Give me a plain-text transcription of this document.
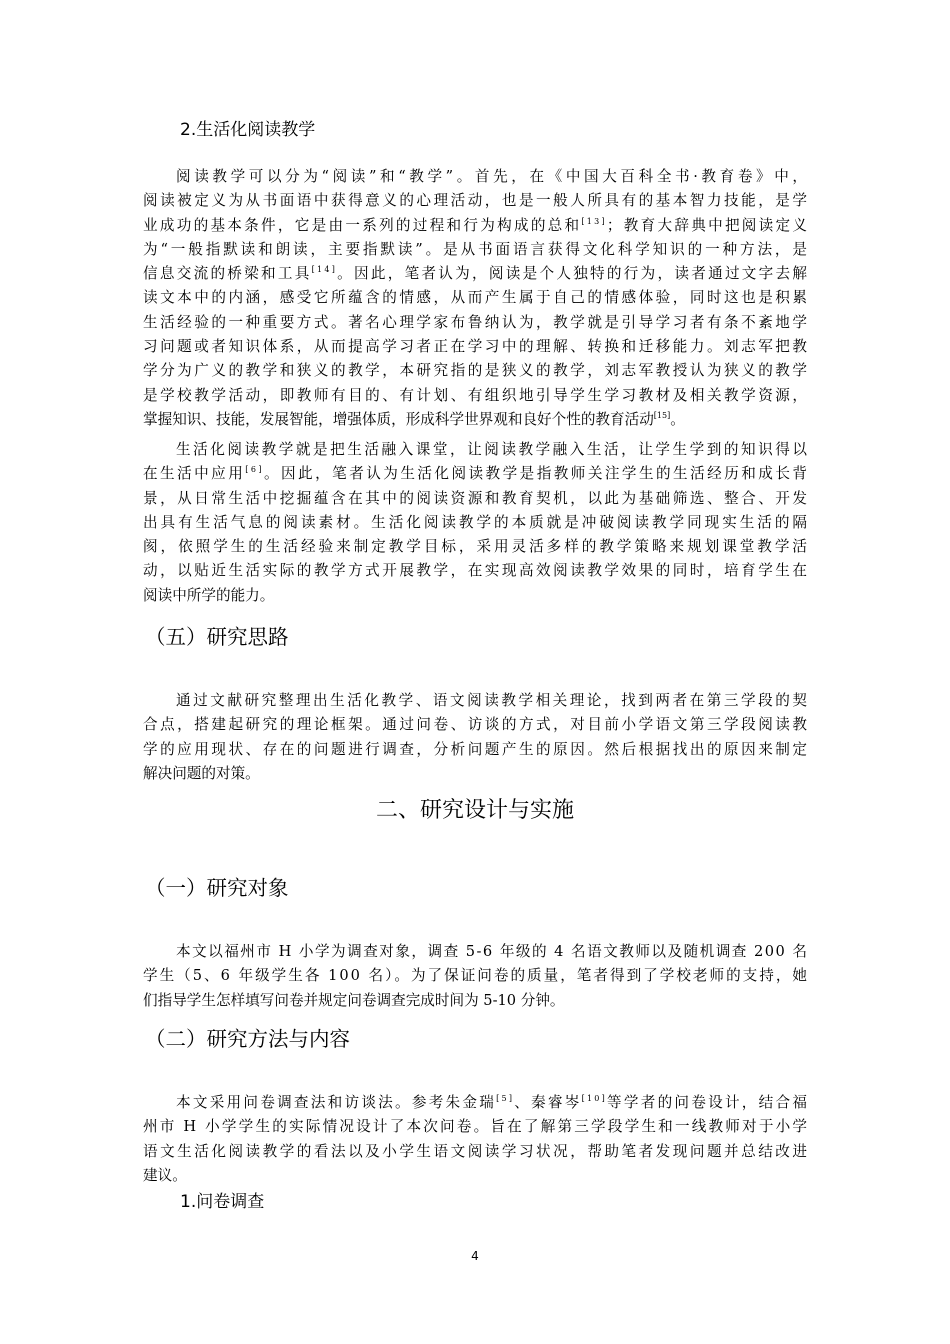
2.生活化阅读教学
阅读教学可以分为“阅读”和“教学”。首先，在《中国大百科全书·教育卷》中，
阅读被定义为从书面语中获得意义的心理活动，也是一般人所具有的基本智力技能，是学
业成功的基本条件，它是由一系列的过程和行为构成的总和[13]；教育大辞典中把阅读定义
为“一般指默读和朗读，主要指默读”。是从书面语言获得文化科学知识的一种方法，是
信息交流的桥梁和工具[14]。因此，笔者认为，阅读是个人独特的行为，读者通过文字去解
读文本中的内涵，感受它所蕴含的情感，从而产生属于自己的情感体验，同时这也是积累
生活经验的一种重要方式。著名心理学家布鲁纳认为，教学就是引导学习者有条不紊地学
习问题或者知识体系，从而提高学习者正在学习中的理解、转换和迁移能力。刘志军把教
学分为广义的教学和狭义的教学，本研究指的是狭义的教学，刘志军教授认为狭义的教学
是学校教学活动，即教师有目的、有计划、有组织地引导学生学习教材及相关教学资源，
掌握知识、技能，发展智能，增强体质，形成科学世界观和良好个性的教育活动[15]。
生活化阅读教学就是把生活融入课堂，让阅读教学融入生活，让学生学到的知识得以
在生活中应用[6]。因此，笔者认为生活化阅读教学是指教师关注学生的生活经历和成长背
景，从日常生活中挖掘蕴含在其中的阅读资源和教育契机，以此为基础筛选、整合、开发
出具有生活气息的阅读素材。生活化阅读教学的本质就是冲破阅读教学同现实生活的隔
阂，依照学生的生活经验来制定教学目标，采用灵活多样的教学策略来规划课堂教学活
动，以贴近生活实际的教学方式开展教学，在实现高效阅读教学效果的同时，培育学生在
阅读中所学的能力。
（五）研究思路
通过文献研究整理出生活化教学、语文阅读教学相关理论，找到两者在第三学段的契
合点，搭建起研究的理论框架。通过问卷、访谈的方式，对目前小学语文第三学段阅读教
学的应用现状、存在的问题进行调查，分析问题产生的原因。然后根据找出的原因来制定
解决问题的对策。
二、研究设计与实施
（一）研究对象
本文以福州市 H 小学为调查对象，调查 5-6 年级的 4 名语文教师以及随机调查 200 名
学生（5、6 年级学生各 100 名）。为了保证问卷的质量，笔者得到了学校老师的支持，她
们指导学生怎样填写问卷并规定问卷调查完成时间为 5-10 分钟。
（二）研究方法与内容
本文采用问卷调查法和访谈法。参考朱金瑞[5]、秦睿岑[10]等学者的问卷设计，结合福
州市 H 小学学生的实际情况设计了本次问卷。旨在了解第三学段学生和一线教师对于小学
语文生活化阅读教学的看法以及小学生语文阅读学习状况，帮助笔者发现问题并总结改进
建议。
1.问卷调查
4
